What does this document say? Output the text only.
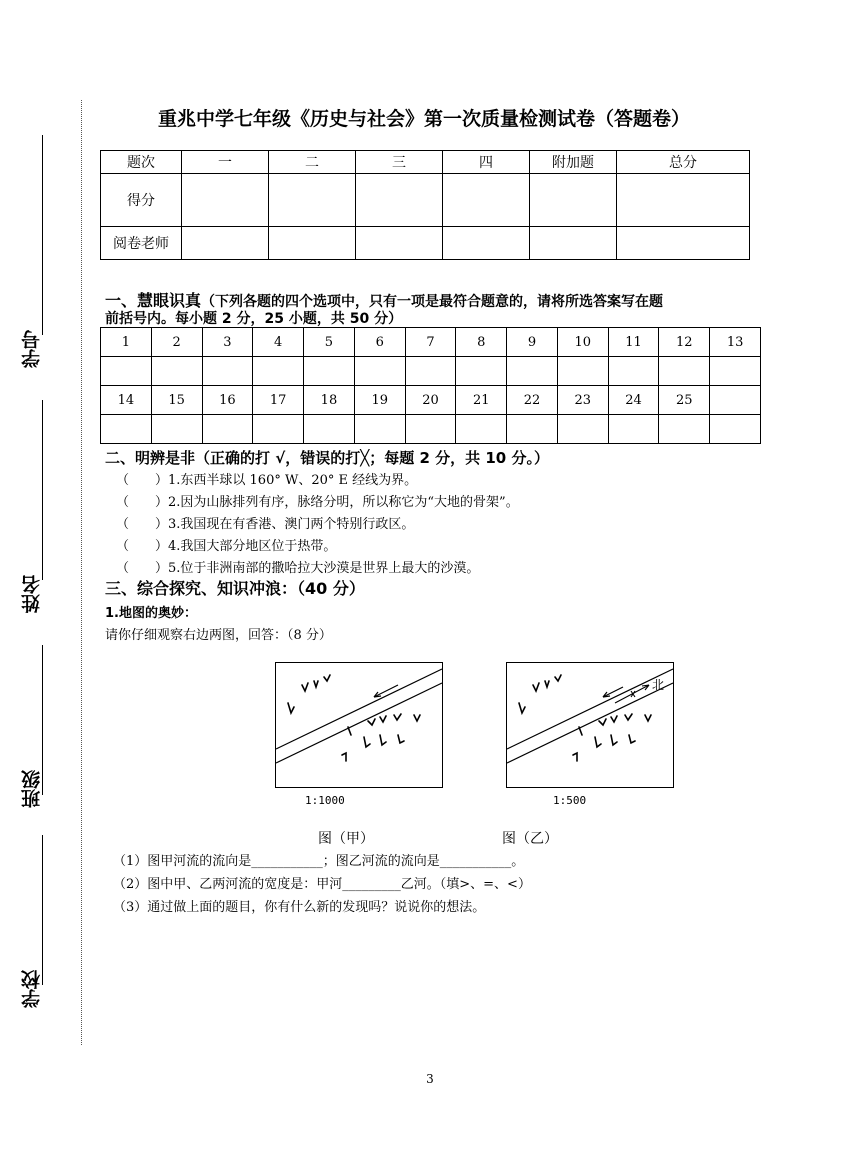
学号
姓名
班级
学校
重兆中学七年级《历史与社会》第一次质量检测试卷（答题卷）
题次	一	二	三	四	附加题	总分
得分						
阅卷老师						
一、慧眼识真（下列各题的四个选项中，只有一项是最符合题意的，请将所选答案写在题
前括号内。每小题 2 分，25 小题，共 50 分）
1	2	3	4	5	6	7	8	9	10	11	12	13

14	15	16	17	18	19	20	21	22	23	24	25	

二、明辨是非（正确的打 √，错误的打╳；每题 2 分，共 10 分。）
（　　）1.东西半球以 160° W、20° E 经线为界。
（　　）2.因为山脉排列有序，脉络分明，所以称它为“大地的骨架”。
（　　）3.我国现在有香港、澳门两个特别行政区。
（　　）4.我国大部分地区位于热带。
（　　）5.位于非洲南部的撒哈拉大沙漠是世界上最大的沙漠。
三、综合探究、知识冲浪：（40 分）
1.地图的奥妙：
请你仔细观察右边两图，回答：（8 分）
1:1000
图（甲）
北
1:500
图（乙）
（1）图甲河流的流向是___________；图乙河流的流向是___________。
（2）图中甲、乙两河流的宽度是：甲河_________乙河。（填>、=、<）
（3）通过做上面的题目，你有什么新的发现吗？说说你的想法。
3
